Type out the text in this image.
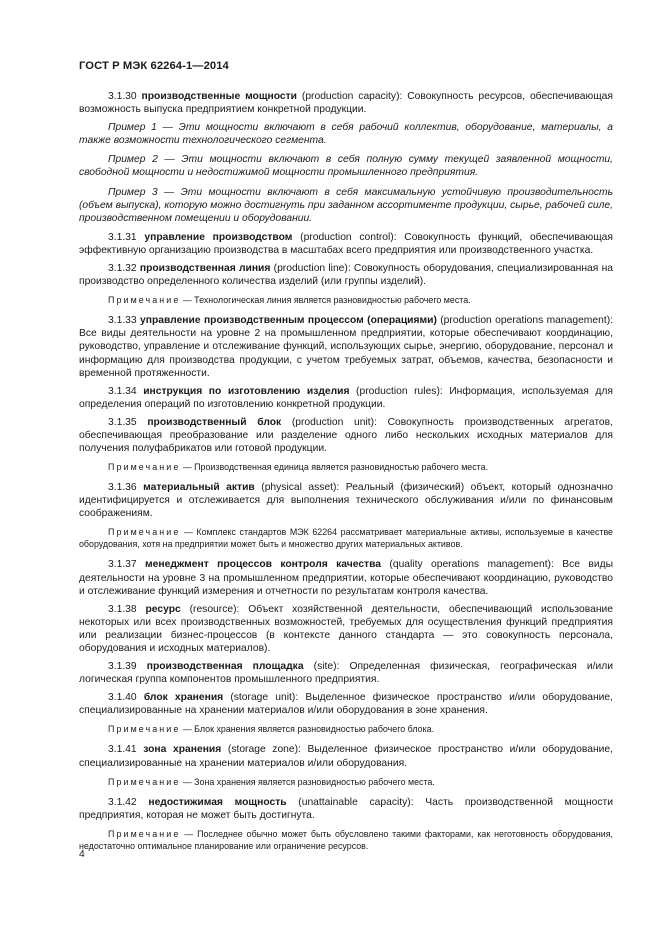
ГОСТ Р МЭК 62264-1—2014

3.1.30 производственные мощности (production capacity): Совокупность ресурсов, обеспечивающая возможность выпуска предприятием конкретной продукции.

Пример 1 — Эти мощности включают в себя рабочий коллектив, оборудование, материалы, а также возможности технологического сегмента.

Пример 2 — Эти мощности включают в себя полную сумму текущей заявленной мощности, свободной мощности и недостижимой мощности промышленного предприятия.

Пример 3 — Эти мощности включают в себя максимальную устойчивую производительность (объем выпуска), которую можно достигнуть при заданном ассортименте продукции, сырье, рабочей силе, производственном помещении и оборудовании.

3.1.31 управление производством (production control): Совокупность функций, обеспечивающая эффективную организацию производства в масштабах всего предприятия или производственного участка.

3.1.32 производственная линия (production line): Совокупность оборудования, специализированная на производство определенного количества изделий (или группы изделий).

Примечание — Технологическая линия является разновидностью рабочего места.

3.1.33 управление производственным процессом (операциями) (production operations management): Все виды деятельности на уровне 2 на промышленном предприятии, которые обеспечивают координацию, руководство, управление и отслеживание функций, использующих сырье, энергию, оборудование, персонал и информацию для производства продукции, с учетом требуемых затрат, объемов, качества, безопасности и временной протяженности.

3.1.34 инструкция по изготовлению изделия (production rules): Информация, используемая для определения операций по изготовлению конкретной продукции.

3.1.35 производственный блок (production unit): Совокупность производственных агрегатов, обеспечивающая преобразование или разделение одного либо нескольких исходных материалов для получения полуфабрикатов или готовой продукции.

Примечание — Производственная единица является разновидностью рабочего места.

3.1.36 материальный актив (physical asset): Реальный (физический) объект, который однозначно идентифицируется и отслеживается для выполнения технического обслуживания и/или по финансовым соображениям.

Примечание — Комплекс стандартов МЭК 62264 рассматривает материальные активы, используемые в качестве оборудования, хотя на предприятии может быть и множество других материальных активов.

3.1.37 менеджмент процессов контроля качества (quality operations management): Все виды деятельности на уровне 3 на промышленном предприятии, которые обеспечивают координацию, руководство и отслеживание функций измерения и отчетности по результатам контроля качества.

3.1.38 ресурс (resource): Объект хозяйственной деятельности, обеспечивающий использование некоторых или всех производственных возможностей, требуемых для осуществления функций предприятия или реализации бизнес-процессов (в контексте данного стандарта — это совокупность персонала, оборудования и исходных материалов).

3.1.39 производственная площадка (site): Определенная физическая, географическая и/или логическая группа компонентов промышленного предприятия.

3.1.40 блок хранения (storage unit): Выделенное физическое пространство и/или оборудование, специализированные на хранении материалов и/или оборудования в зоне хранения.

Примечание — Блок хранения является разновидностью рабочего блока.

3.1.41 зона хранения (storage zone): Выделенное физическое пространство и/или оборудование, специализированные на хранении материалов и/или оборудования.

Примечание — Зона хранения является разновидностью рабочего места.

3.1.42 недостижимая мощность (unattainable capacity): Часть производственной мощности предприятия, которая не может быть достигнута.

Примечание — Последнее обычно может быть обусловлено такими факторами, как неготовность оборудования, недостаточно оптимальное планирование или ограничение ресурсов.

4
